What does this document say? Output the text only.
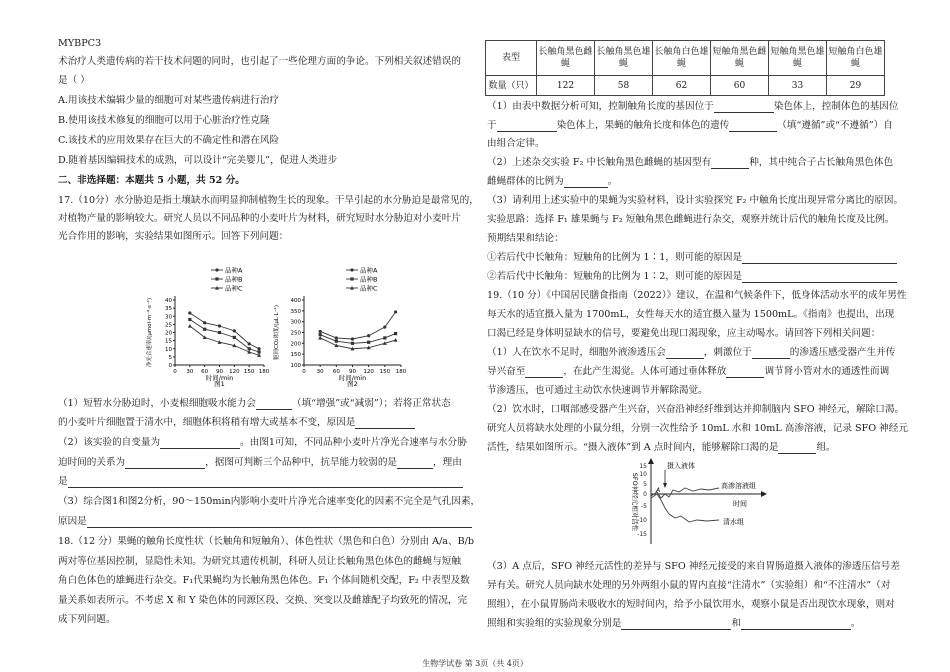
MYBPC3
术治疗人类遗传病的若干技术问题的同时，也引起了一些伦理方面的争论。下列相关叙述错误的
是（ ）
A.用该技术编辑少量的细胞可对某些遗传病进行治疗
B.使用该技术修复的细胞可以用于心脏治疗性克隆
C.该技术的应用效果存在巨大的不确定性和潜在风险
D.随着基因编辑技术的成熟，可以设计“完美婴儿”，促进人类进步
二、非选择题：本题共 5 小题，共 52 分。
17.（10分）水分胁迫是指土壤缺水而明显抑制植物生长的现象。干旱引起的水分胁迫是最常见的，
对植物产量的影响较大。研究人员以不同品种的小麦叶片为材料，研究短时水分胁迫对小麦叶片
光合作用的影响，实验结果如图所示。回答下列问题：
0 30 60 90 120 150 180
0
5
10
15
20
25
30
35
40
时间/min
图1
净光合速率/(μmol·m⁻²·s⁻¹)
品种A
品种B
品种C
0 30 60 90 120 150 180
100
150
200
250
300
350
400
时间/min
图2
胞间CO₂浓度/(μL·L⁻¹)
品种A
品种B
品种C
（1）短暂水分胁迫时，小麦根细胞吸水能力会	（填“增强”或“减弱”）；若将正常状态
的小麦叶片细胞置于清水中，细胞体积将稍有增大或基本不变，原因是
（2）该实验的自变量为	。由图1可知，不同品种小麦叶片净光合速率与水分胁
迫时间的关系为	，据图可判断三个品种中，抗旱能力较弱的是	，理由
是
（3）综合图1和图2分析，90～150min内影响小麦叶片净光合速率变化的因素不完全是气孔因素，
原因是
18.（12 分）果蝇的触角长度性状（长触角和短触角）、体色性状（黑色和白色）分别由 A/a、B/b
两对等位基因控制，显隐性未知。为研究其遗传机制，科研人员让长触角黑色体色的雌蝇与短触
角白色体色的雄蝇进行杂交。F₁代果蝇均为长触角黑色体色。F₁ 个体间随机交配，F₂ 中表型及数
量关系如表所示。不考虑 X 和 Y 染色体的同源区段、交换、突变以及雌雄配子均致死的情况，完
成下列问题。
表型	长触角黑色雌蝇	长触角黑色雄蝇	长触角白色雄蝇	短触角黑色雌蝇	短触角黑色雄蝇	短触角白色雄蝇
数量（只）	122	58	62	60	33	29
（1）由表中数据分析可知，控制触角长度的基因位于	染色体上，控制体色的基因位
于	染色体上，果蝇的触角长度和体色的遗传	（填“遵循”或“不遵循”）自
由组合定律。
（2）上述杂交实验 F₂ 中长触角黑色雌蝇的基因型有	种，其中纯合子占长触角黑色体色
雌蝇群体的比例为	。
（3）请利用上述实验中的果蝇为实验材料，设计实验探究 F₂ 中触角长度出现异常分离比的原因。
实验思路：选择 F₁ 雄果蝇与 F₂ 短触角黑色雌蝇进行杂交，观察并统计后代的触角长度及比例。
预期结果和结论：
①若后代中长触角：短触角的比例为 1∶1，则可能的原因是
②若后代中长触角：短触角的比例为 1∶2，则可能的原因是
19.（10 分）《中国居民膳食指南（2022）》建议，在温和气候条件下，低身体活动水平的成年男性
每天水的适宜摄入量为 1700mL，女性每天水的适宜摄入量为 1500mL。《指南》也提出，出现
口渴已经是身体明显缺水的信号，要避免出现口渴现象，应主动喝水。请回答下列相关问题：
（1）人在饮水不足时，细胞外液渗透压会	，刺激位于	的渗透压感受器产生并传
导兴奋至	，在此产生渴觉。人体可通过垂体释放	调节肾小管对水的通透性而调
节渗透压，也可通过主动饮水快速调节并解除渴觉。
（2）饮水时，口咽部感受器产生兴奋，兴奋沿神经纤维到达并抑制脑内 SFO 神经元，解除口渴。
研究人员将缺水处理的小鼠分组，分别一次性给予 10mL 水和 10mL 高渗溶液，记录 SFO 神经元
活性，结果如图所示。“摄入液体”到 A 点时间内，能够解除口渴的是	组。
15
10
5
0
-5
-10
-15
SFO神经元相对活性	时间
摄入液体
A
高渗溶液组
清水组
（3）A 点后，SFO 神经元活性的差异与 SFO 神经元接受的来自胃肠道摄入液体的渗透压信号差
异有关。研究人员向缺水处理的另外两组小鼠的胃内直接“注清水”（实验组）和“不注清水”（对
照组），在小鼠胃肠尚未吸收水的短时间内，给予小鼠饮用水，观察小鼠是否出现饮水现象，则对
照组和实验组的实验现象分别是	和	。
生物学试卷 第 3页（共 4页）
